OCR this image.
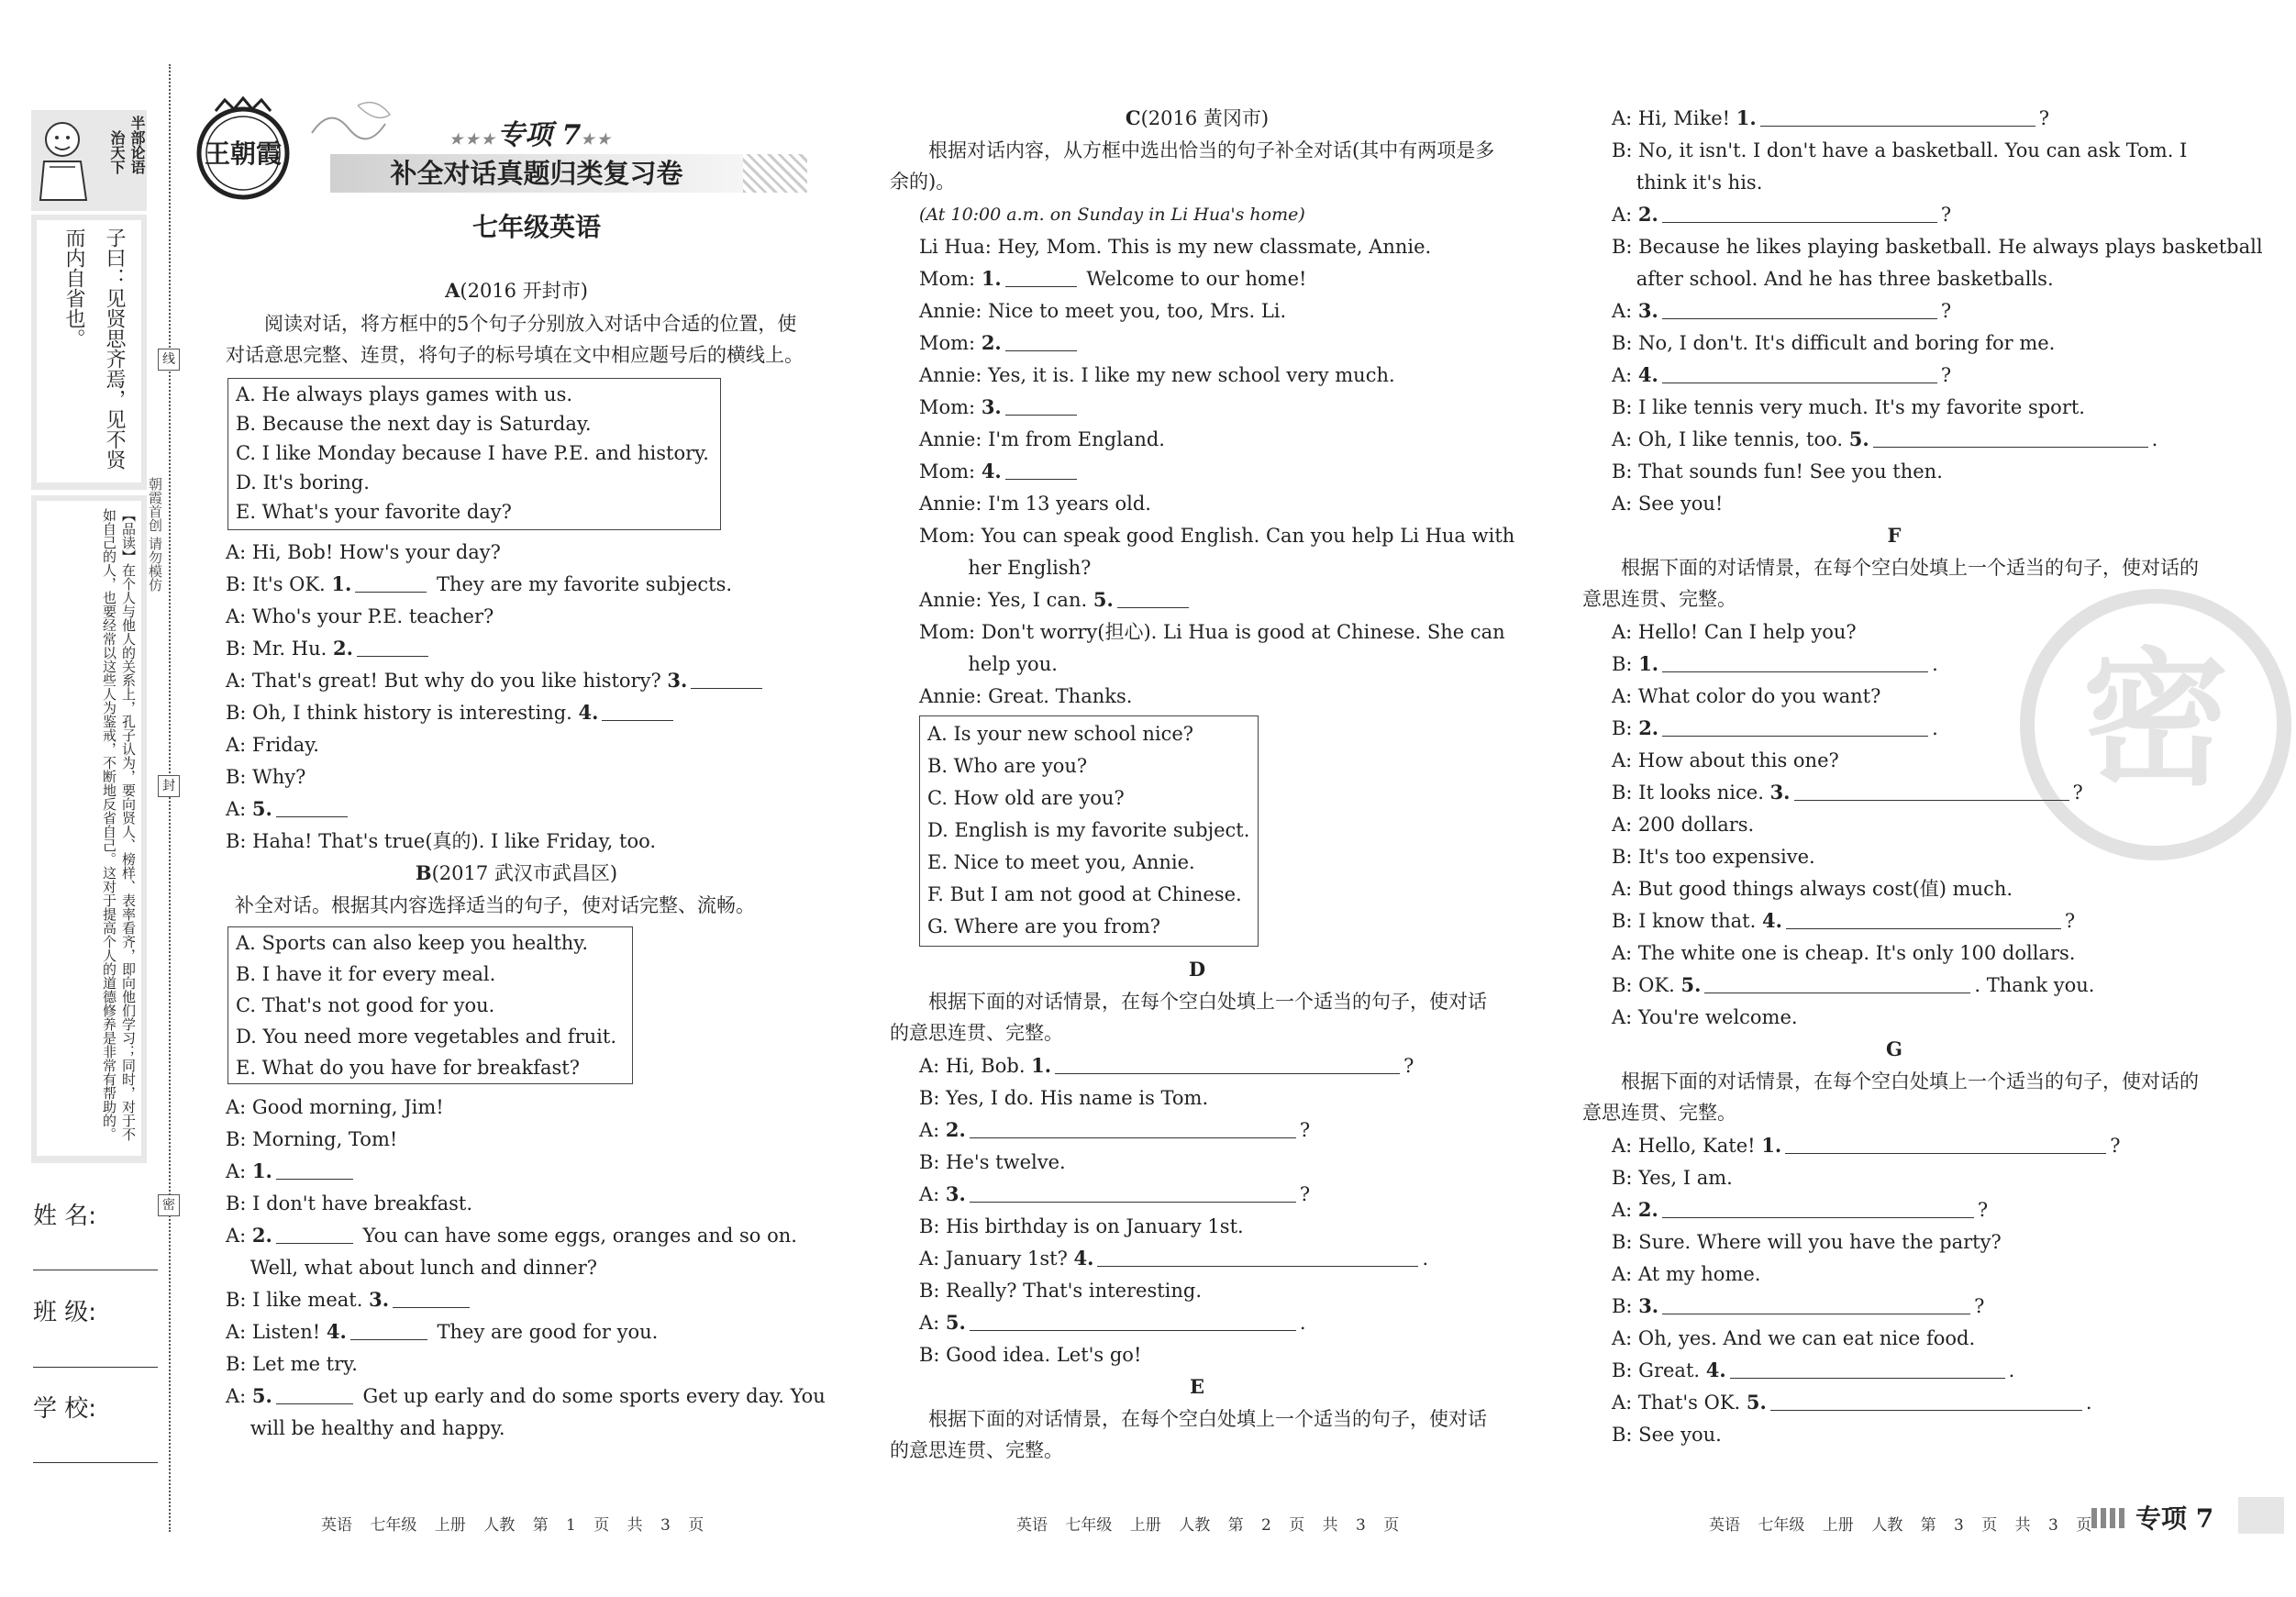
半部论语
治天下
子曰：见贤思齐焉，见不贤而内自省也。
【品读】在个人与他人的关系上，孔子认为，要向贤人、榜样、表率看齐，即向他们学习；同时，对于不如自己的人，也要经常以这些人为鉴戒，不断地反省自己。这对于提高个人的道德修养是非常有帮助的。
姓 名:
班 级:
学 校:
线
封
密
朝霞首创 请勿模仿
王朝霞	★★★专项 7★★
补全对话真题归类复习卷
七年级英语
A(2016 开封市)
阅读对话，将方框中的5个句子分别放入对话中合适的位置，使对话意思完整、连贯，将句子的标号填在文中相应题号后的横线上。
A. He always plays games with us.
B. Because the next day is Saturday.
C. I like Monday because I have P.E. and history.
D. It's boring.
E. What's your favorite day?
A: Hi, Bob! How's your day?
B: It's OK. 1.	They are my favorite subjects.
A: Who's your P.E. teacher?
B: Mr. Hu. 2.
A: That's great! But why do you like history? 3.
B: Oh, I think history is interesting. 4.
A: Friday.
B: Why?
A: 5.
B: Haha! That's true(真的). I like Friday, too.
B(2017 武汉市武昌区)
补全对话。根据其内容选择适当的句子，使对话完整、流畅。
A. Sports can also keep you healthy.
B. I have it for every meal.
C. That's not good for you.
D. You need more vegetables and fruit.
E. What do you have for breakfast?
A: Good morning, Jim!
B: Morning, Tom!
A: 1.
B: I don't have breakfast.
A: 2.	You can have some eggs, oranges and so on.
Well, what about lunch and dinner?
B: I like meat. 3.
A: Listen! 4.	They are good for you.
B: Let me try.
A: 5.	Get up early and do some sports every day. You
will be healthy and happy.
英语 七年级 上册 人教 第 1 页 共 3 页
C(2016 黄冈市)
根据对话内容，从方框中选出恰当的句子补全对话(其中有两项是多余的)。
(At 10:00 a.m. on Sunday in Li Hua's home)
Li Hua: Hey, Mom. This is my new classmate, Annie.
Mom: 1.	Welcome to our home!
Annie: Nice to meet you, too, Mrs. Li.
Mom: 2.
Annie: Yes, it is. I like my new school very much.
Mom: 3.
Annie: I'm from England.
Mom: 4.
Annie: I'm 13 years old.
Mom: You can speak good English. Can you help Li Hua with
her English?
Annie: Yes, I can. 5.
Mom: Don't worry(担心). Li Hua is good at Chinese. She can
help you.
Annie: Great. Thanks.
A. Is your new school nice?
B. Who are you?
C. How old are you?
D. English is my favorite subject.
E. Nice to meet you, Annie.
F. But I am not good at Chinese.
G. Where are you from?
D
根据下面的对话情景，在每个空白处填上一个适当的句子，使对话的意思连贯、完整。
A: Hi, Bob. 1.	?
B: Yes, I do. His name is Tom.
A: 2.	?
B: He's twelve.
A: 3.	?
B: His birthday is on January 1st.
A: January 1st? 4.	.
B: Really? That's interesting.
A: 5.	.
B: Good idea. Let's go!
E
根据下面的对话情景，在每个空白处填上一个适当的句子，使对话的意思连贯、完整。
英语 七年级 上册 人教 第 2 页 共 3 页
密
A: Hi, Mike! 1.	?
B: No, it isn't. I don't have a basketball. You can ask Tom. I
think it's his.
A: 2.	?
B: Because he likes playing basketball. He always plays basketball
after school. And he has three basketballs.
A: 3.	?
B: No, I don't. It's difficult and boring for me.
A: 4.	?
B: I like tennis very much. It's my favorite sport.
A: Oh, I like tennis, too. 5.	.
B: That sounds fun! See you then.
A: See you!
F
根据下面的对话情景，在每个空白处填上一个适当的句子，使对话的意思连贯、完整。
A: Hello! Can I help you?
B: 1.	.
A: What color do you want?
B: 2.	.
A: How about this one?
B: It looks nice. 3.	?
A: 200 dollars.
B: It's too expensive.
A: But good things always cost(值) much.
B: I know that. 4.	?
A: The white one is cheap. It's only 100 dollars.
B: OK. 5.	. Thank you.
A: You're welcome.
G
根据下面的对话情景，在每个空白处填上一个适当的句子，使对话的意思连贯、完整。
A: Hello, Kate! 1.	?
B: Yes, I am.
A: 2.	?
B: Sure. Where will you have the party?
A: At my home.
B: 3.	?
A: Oh, yes. And we can eat nice food.
B: Great. 4.	.
A: That's OK. 5.	.
B: See you.
英语 七年级 上册 人教 第 3 页 共 3 页 专项 7
